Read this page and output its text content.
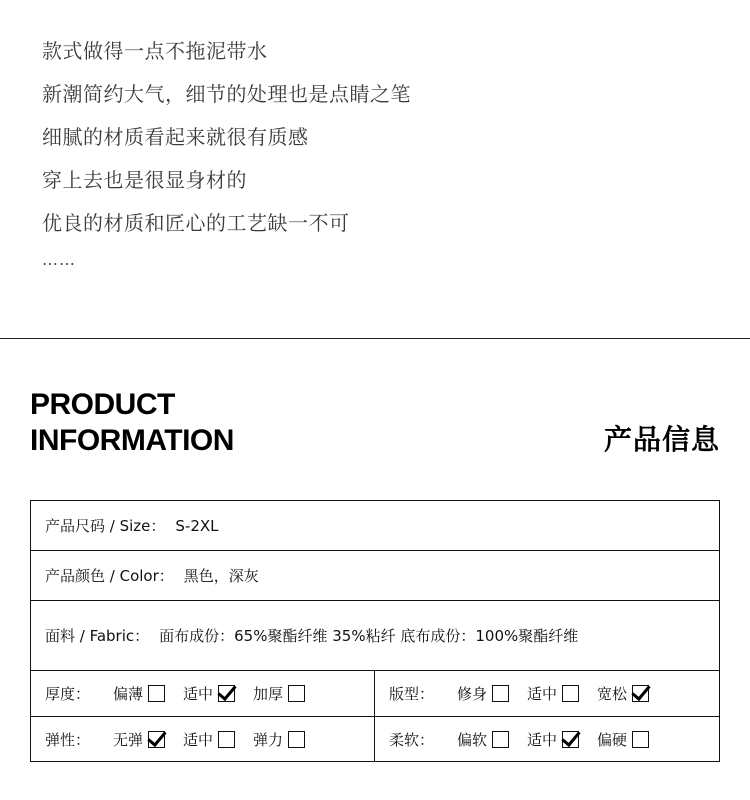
款式做得一点不拖泥带水
新潮简约大气，细节的处理也是点睛之笔
细腻的材质看起来就很有质感
穿上去也是很显身材的
优良的材质和匠心的工艺缺一不可
……
PRODUCT
INFORMATION	产品信息
产品尺码 / Size： S-2XL
产品颜色 / Color： 黑色，深灰
面料 / Fabric： 面布成份：65%聚酯纤维 35%粘纤 底布成份：100%聚酯纤维
厚度：	偏薄	适中	加厚	版型：	修身	适中	宽松
弹性：	无弹	适中	弹力	柔软：	偏软	适中	偏硬
